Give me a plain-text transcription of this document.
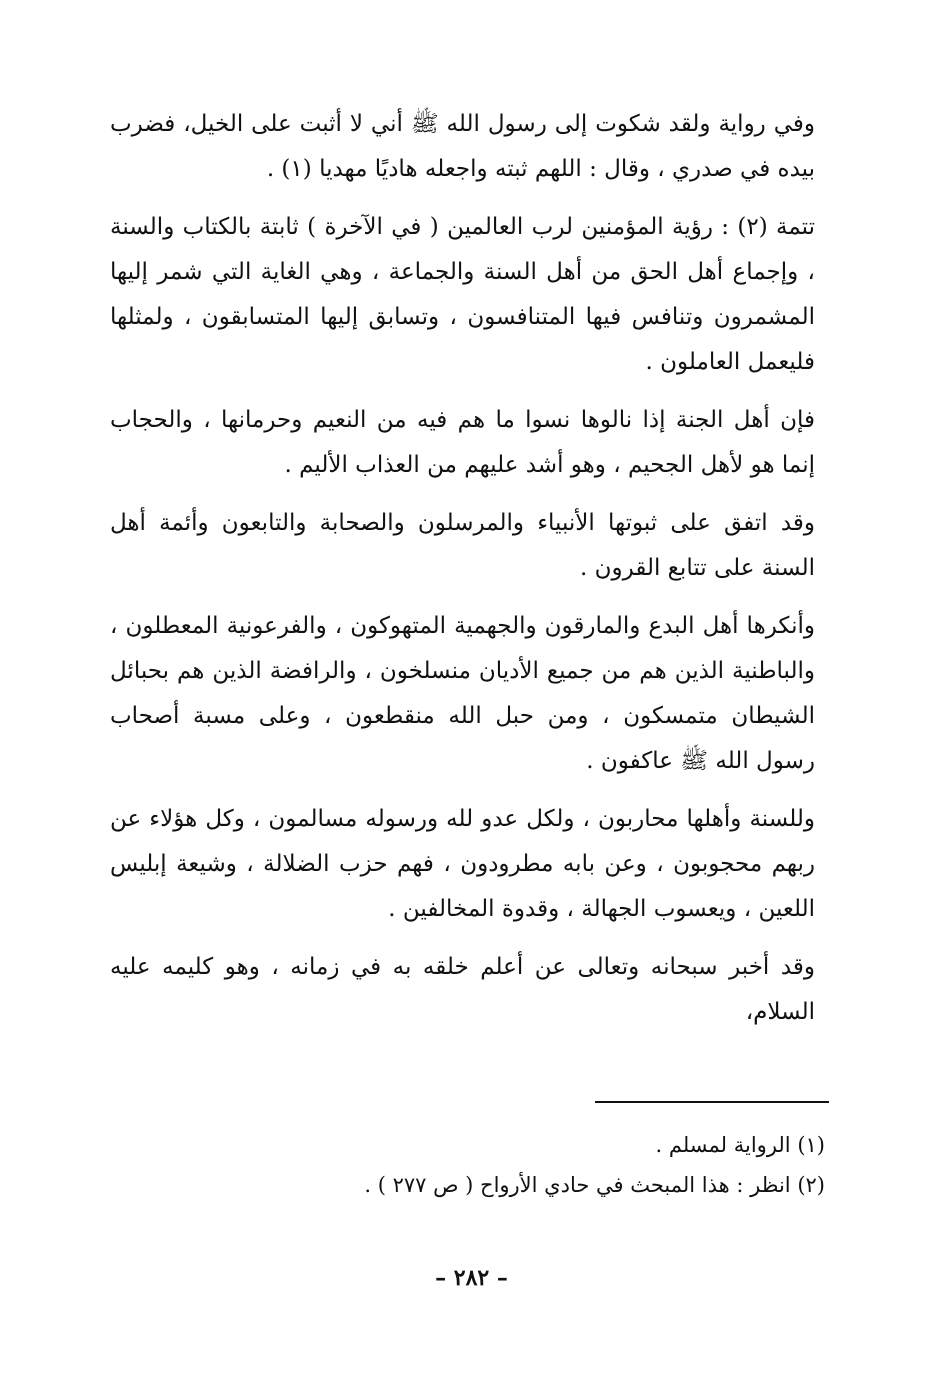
وفي رواية ولقد شكوت إلى رسول الله ﷺ أني لا أثبت على الخيل، فضرب بيده في صدري ، وقال : اللهم ثبته واجعله هاديًا مهديا (١) .

تتمة (٢) : رؤية المؤمنين لرب العالمين ( في الآخرة ) ثابتة بالكتاب والسنة ، وإجماع أهل الحق من أهل السنة والجماعة ، وهي الغاية التي شمر إليها المشمرون وتنافس فيها المتنافسون ، وتسابق إليها المتسابقون ، ولمثلها فليعمل العاملون .

فإن أهل الجنة إذا نالوها نسوا ما هم فيه من النعيم وحرمانها ، والحجاب إنما هو لأهل الجحيم ، وهو أشد عليهم من العذاب الأليم .

وقد اتفق على ثبوتها الأنبياء والمرسلون والصحابة والتابعون وأئمة أهل السنة على تتابع القرون .

وأنكرها أهل البدع والمارقون والجهمية المتهوكون ، والفرعونية المعطلون ، والباطنية الذين هم من جميع الأديان منسلخون ، والرافضة الذين هم بحبائل الشيطان متمسكون ، ومن حبل الله منقطعون ، وعلى مسبة أصحاب رسول الله ﷺ عاكفون .

وللسنة وأهلها محاربون ، ولكل عدو لله ورسوله مسالمون ، وكل هؤلاء عن ربهم محجوبون ، وعن بابه مطرودون ، فهم حزب الضلالة ، وشيعة إبليس اللعين ، ويعسوب الجهالة ، وقدوة المخالفين .

وقد أخبر سبحانه وتعالى عن أعلم خلقه به في زمانه ، وهو كليمه عليه السلام،

(١) الرواية لمسلم .

(٢) انظر : هذا المبحث في حادي الأرواح ( ص ٢٧٧ ) .

– ٢٨٢ –
